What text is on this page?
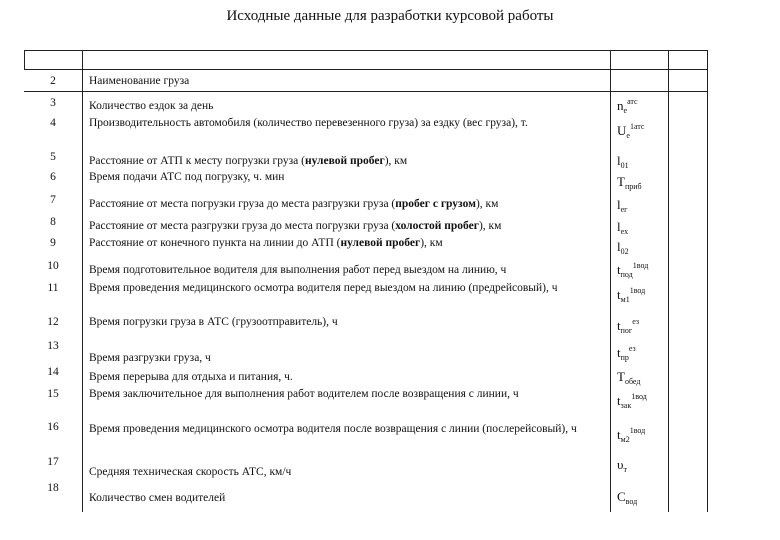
Исходные данные для разработки курсовой работы
2
3
4
5
6
7
8
9
10
11
12
13
14
15
16
17
18
Наименование груза
Количество ездок за день
Производительность автомобиля (количество перевезенного груза) за ездку (вес груза), т.
Расстояние от АТП к месту погрузки груза (нулевой пробег), км
Время подачи АТС под погрузку, ч. мин
Расстояние от места погрузки груза до места разгрузки груза (пробег с грузом), км
Расстояние от места разгрузки груза до места погрузки груза (холостой пробег), км
Расстояние от конечного пункта на линии до АТП (нулевой пробег), км
Время подготовительное водителя для выполнения работ перед выездом на линию, ч
Время проведения медицинского осмотра водителя перед выездом на линию (предрейсовый), ч
Время погрузки груза в АТС (грузоотправитель), ч
Время разгрузки груза, ч
Время перерыва для отдыха и питания, ч.
Время заключительное для выполнения работ водителем после возвращения с линии, ч
Время проведения медицинского осмотра водителя после возвращения с линии (послерейсовый), ч
Средняя техническая скорость АТС, км/ч
Количество смен водителей
$n_e^{атс}$
$U_e^{1атс}$
$l_{01}$
$Т_{приб}$
$l_{ег}$
$l_{ex}$
$l_{02}$
$t_{под}^{1вод}$
$t_{м1}^{1вод}$
$t_{пог}^{ез}$
$t_{пр}^{ез}$
$Т_{обед}$
$t_{зак}^{1вод}$
$t_{м2}^{1вод}$
$\upsilon_т$
$С_{вод}$
